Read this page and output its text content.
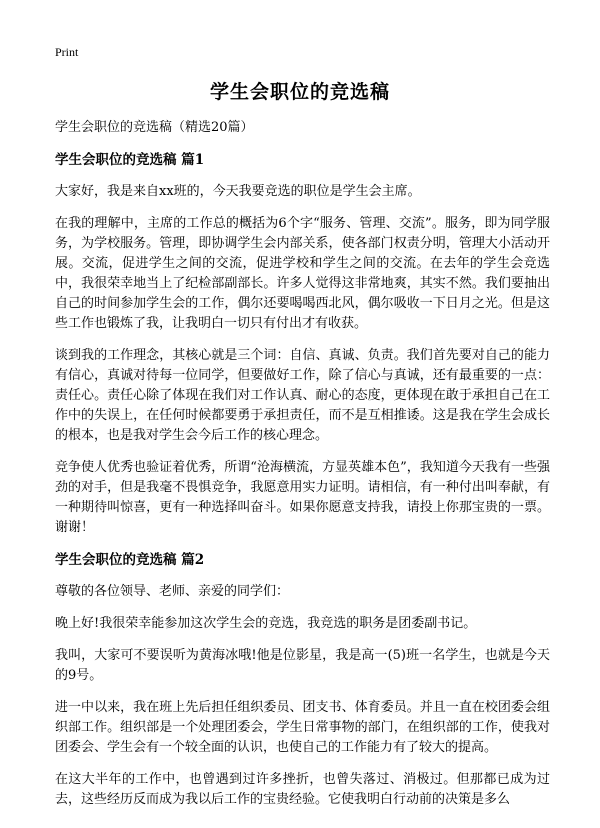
Print
学生会职位的竞选稿

学生会职位的竞选稿（精选20篇）

学生会职位的竞选稿 篇1

大家好，我是来自xx班的，今天我要竞选的职位是学生会主席。

在我的理解中，主席的工作总的概括为6个字“服务、管理、交流”。服务，即为同学服务，为学校服务。管理，即协调学生会内部关系，使各部门权责分明，管理大小活动开展。交流，促进学生之间的交流，促进学校和学生之间的交流。在去年的学生会竞选中，我很荣幸地当上了纪检部副部长。许多人觉得这非常地爽，其实不然。我们要抽出自己的时间参加学生会的工作，偶尔还要喝喝西北风，偶尔吸收一下日月之光。但是这些工作也锻炼了我，让我明白一切只有付出才有收获。

谈到我的工作理念，其核心就是三个词：自信、真诚、负责。我们首先要对自己的能力有信心，真诚对待每一位同学，但要做好工作，除了信心与真诚，还有最重要的一点：责任心。责任心除了体现在我们对工作认真、耐心的态度，更体现在敢于承担自己在工作中的失误上，在任何时候都要勇于承担责任，而不是互相推诿。这是我在学生会成长的根本，也是我对学生会今后工作的核心理念。

竞争使人优秀也验证着优秀，所谓“沧海横流，方显英雄本色”，我知道今天我有一些强劲的对手，但是我毫不畏惧竞争，我愿意用实力证明。请相信，有一种付出叫奉献，有一种期待叫惊喜，更有一种选择叫奋斗。如果你愿意支持我，请投上你那宝贵的一票。谢谢！

学生会职位的竞选稿 篇2

尊敬的各位领导、老师、亲爱的同学们：

晚上好!我很荣幸能参加这次学生会的竞选，我竞选的职务是团委副书记。

我叫，大家可不要误听为黄海冰哦!他是位影星，我是高一(5)班一名学生，也就是今天的9号。

进一中以来，我在班上先后担任组织委员、团支书、体育委员。并且一直在校团委会组织部工作。组织部是一个处理团委会，学生日常事物的部门，在组织部的工作，使我对团委会、学生会有一个较全面的认识，也使自己的工作能力有了较大的提高。

在这大半年的工作中，也曾遇到过许多挫折，也曾失落过、消极过。但那都已成为过去，这些经历反而成为我以后工作的宝贵经验。它使我明白行动前的决策是多么
